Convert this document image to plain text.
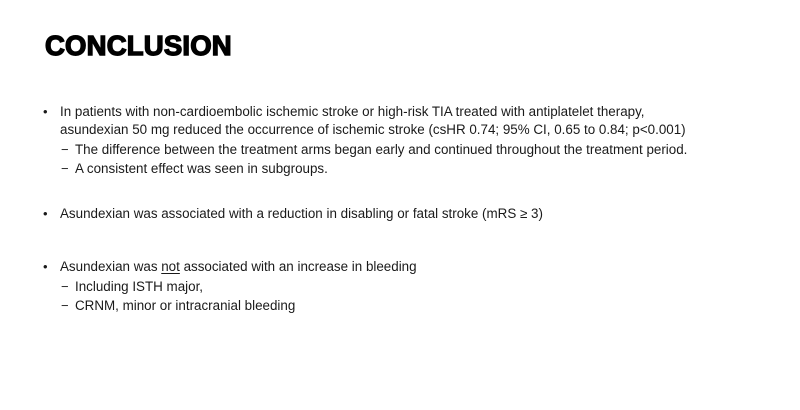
CONCLUSION
• In patients with non-cardioembolic ischemic stroke or high-risk TIA treated with antiplatelet therapy,
asundexian 50 mg reduced the occurrence of ischemic stroke (csHR 0.74; 95% CI, 0.65 to 0.84; p<0.001)
− The difference between the treatment arms began early and continued throughout the treatment period.
− A consistent effect was seen in subgroups.
• Asundexian was associated with a reduction in disabling or fatal stroke (mRS ≥ 3)
• Asundexian was not associated with an increase in bleeding
− Including ISTH major,
− CRNM, minor or intracranial bleeding
